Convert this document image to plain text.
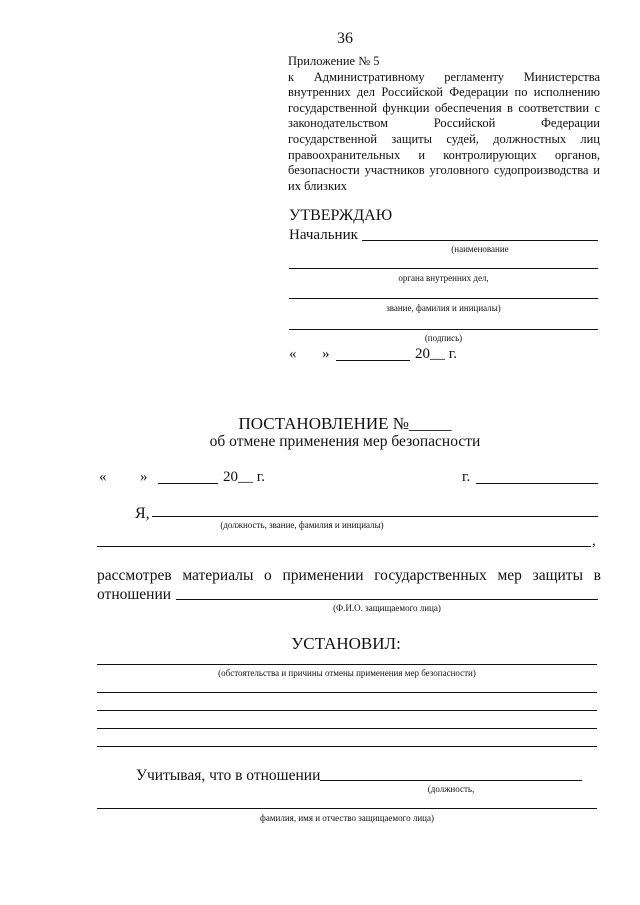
36
Приложение № 5
к Административному регламенту Министерства внутренних дел Российской Федерации по исполнению государственной функции обеспечения в соответствии с законодательством Российской Федерации государственной защиты судей, должностных лиц правоохранительных и контролирующих органов, безопасности участников уголовного судопроизводства и их близких
УТВЕРЖДАЮ
Начальник
(наименование
органа внутренних дел,
звание, фамилия и инициалы)
(подпись)
« »	20__ г.
ПОСТАНОВЛЕНИЕ №_____
об отмене применения мер безопасности
« »	20__ г.	г.
Я,
(должность, звание, фамилия и инициалы)
,
рассмотрев материалы о применении государственных мер защиты в
отношении
(Ф.И.О. защищаемого лица)
УСТАНОВИЛ:
(обстоятельства и причины отмены применения мер безопасности)
Учитывая, что в отношении
(должность,
фамилия, имя и отчество защищаемого лица)
